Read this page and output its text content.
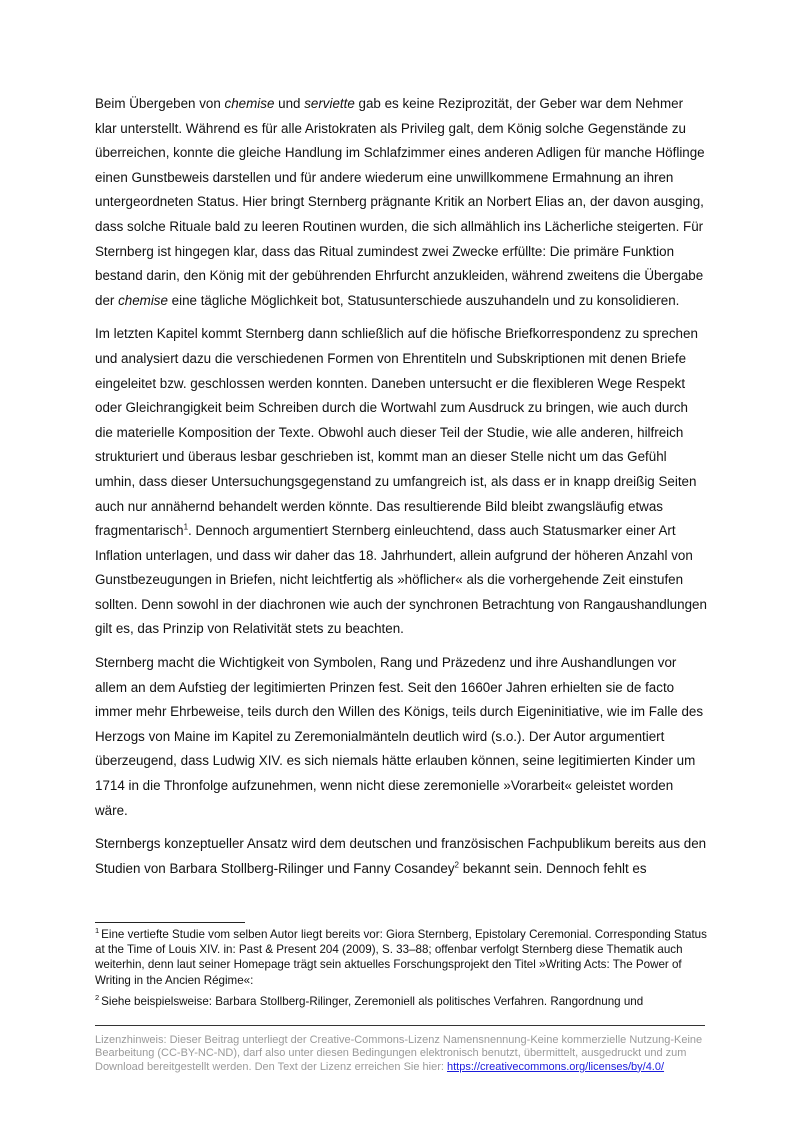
Beim Übergeben von chemise und serviette gab es keine Reziprozität, der Geber war dem Nehmer klar unterstellt. Während es für alle Aristokraten als Privileg galt, dem König solche Gegenstände zu überreichen, konnte die gleiche Handlung im Schlafzimmer eines anderen Adligen für manche Höflinge einen Gunstbeweis darstellen und für andere wiederum eine unwillkommene Ermahnung an ihren untergeordneten Status. Hier bringt Sternberg prägnante Kritik an Norbert Elias an, der davon ausging, dass solche Rituale bald zu leeren Routinen wurden, die sich allmählich ins Lächerliche steigerten. Für Sternberg ist hingegen klar, dass das Ritual zumindest zwei Zwecke erfüllte: Die primäre Funktion bestand darin, den König mit der gebührenden Ehrfurcht anzukleiden, während zweitens die Übergabe der chemise eine tägliche Möglichkeit bot, Statusunterschiede auszuhandeln und zu konsolidieren.

Im letzten Kapitel kommt Sternberg dann schließlich auf die höfische Briefkorrespondenz zu sprechen und analysiert dazu die verschiedenen Formen von Ehrentiteln und Subskriptionen mit denen Briefe eingeleitet bzw. geschlossen werden konnten. Daneben untersucht er die flexibleren Wege Respekt oder Gleichrangigkeit beim Schreiben durch die Wortwahl zum Ausdruck zu bringen, wie auch durch die materielle Komposition der Texte. Obwohl auch dieser Teil der Studie, wie alle anderen, hilfreich strukturiert und überaus lesbar geschrieben ist, kommt man an dieser Stelle nicht um das Gefühl umhin, dass dieser Untersuchungsgegenstand zu umfangreich ist, als dass er in knapp dreißig Seiten auch nur annähernd behandelt werden könnte. Das resultierende Bild bleibt zwangsläufig etwas fragmentarisch$^1$. Dennoch argumentiert Sternberg einleuchtend, dass auch Statusmarker einer Art Inflation unterlagen, und dass wir daher das 18. Jahrhundert, allein aufgrund der höheren Anzahl von Gunstbezeugungen in Briefen, nicht leichtfertig als »höflicher« als die vorhergehende Zeit einstufen sollten. Denn sowohl in der diachronen wie auch der synchronen Betrachtung von Rangaushandlungen gilt es, das Prinzip von Relativität stets zu beachten.

Sternberg macht die Wichtigkeit von Symbolen, Rang und Präzedenz und ihre Aushandlungen vor allem an dem Aufstieg der legitimierten Prinzen fest. Seit den 1660er Jahren erhielten sie de facto immer mehr Ehrbeweise, teils durch den Willen des Königs, teils durch Eigeninitiative, wie im Falle des Herzogs von Maine im Kapitel zu Zeremonialmänteln deutlich wird (s.o.). Der Autor argumentiert überzeugend, dass Ludwig XIV. es sich niemals hätte erlauben können, seine legitimierten Kinder um 1714 in die Thronfolge aufzunehmen, wenn nicht diese zeremonielle »Vorarbeit« geleistet worden wäre.

Sternbergs konzeptueller Ansatz wird dem deutschen und französischen Fachpublikum bereits aus den Studien von Barbara Stollberg-Rilinger und Fanny Cosandey$^2$ bekannt sein. Dennoch fehlt es

$^1$ Eine vertiefte Studie vom selben Autor liegt bereits vor: Giora Sternberg, Epistolary Ceremonial. Corresponding Status at the Time of Louis XIV. in: Past & Present 204 (2009), S. 33–88; offenbar verfolgt Sternberg diese Thematik auch weiterhin, denn laut seiner Homepage trägt sein aktuelles Forschungsprojekt den Titel »Writing Acts: The Power of Writing in the Ancien Régime«:

$^2$ Siehe beispielsweise: Barbara Stollberg-Rilinger, Zeremoniell als politisches Verfahren. Rangordnung und

Lizenzhinweis: Dieser Beitrag unterliegt der Creative-Commons-Lizenz Namensnennung-Keine kommerzielle Nutzung-Keine Bearbeitung (CC-BY-NC-ND), darf also unter diesen Bedingungen elektronisch benutzt, übermittelt, ausgedruckt und zum Download bereitgestellt werden. Den Text der Lizenz erreichen Sie hier: https://creativecommons.org/licenses/by/4.0/
